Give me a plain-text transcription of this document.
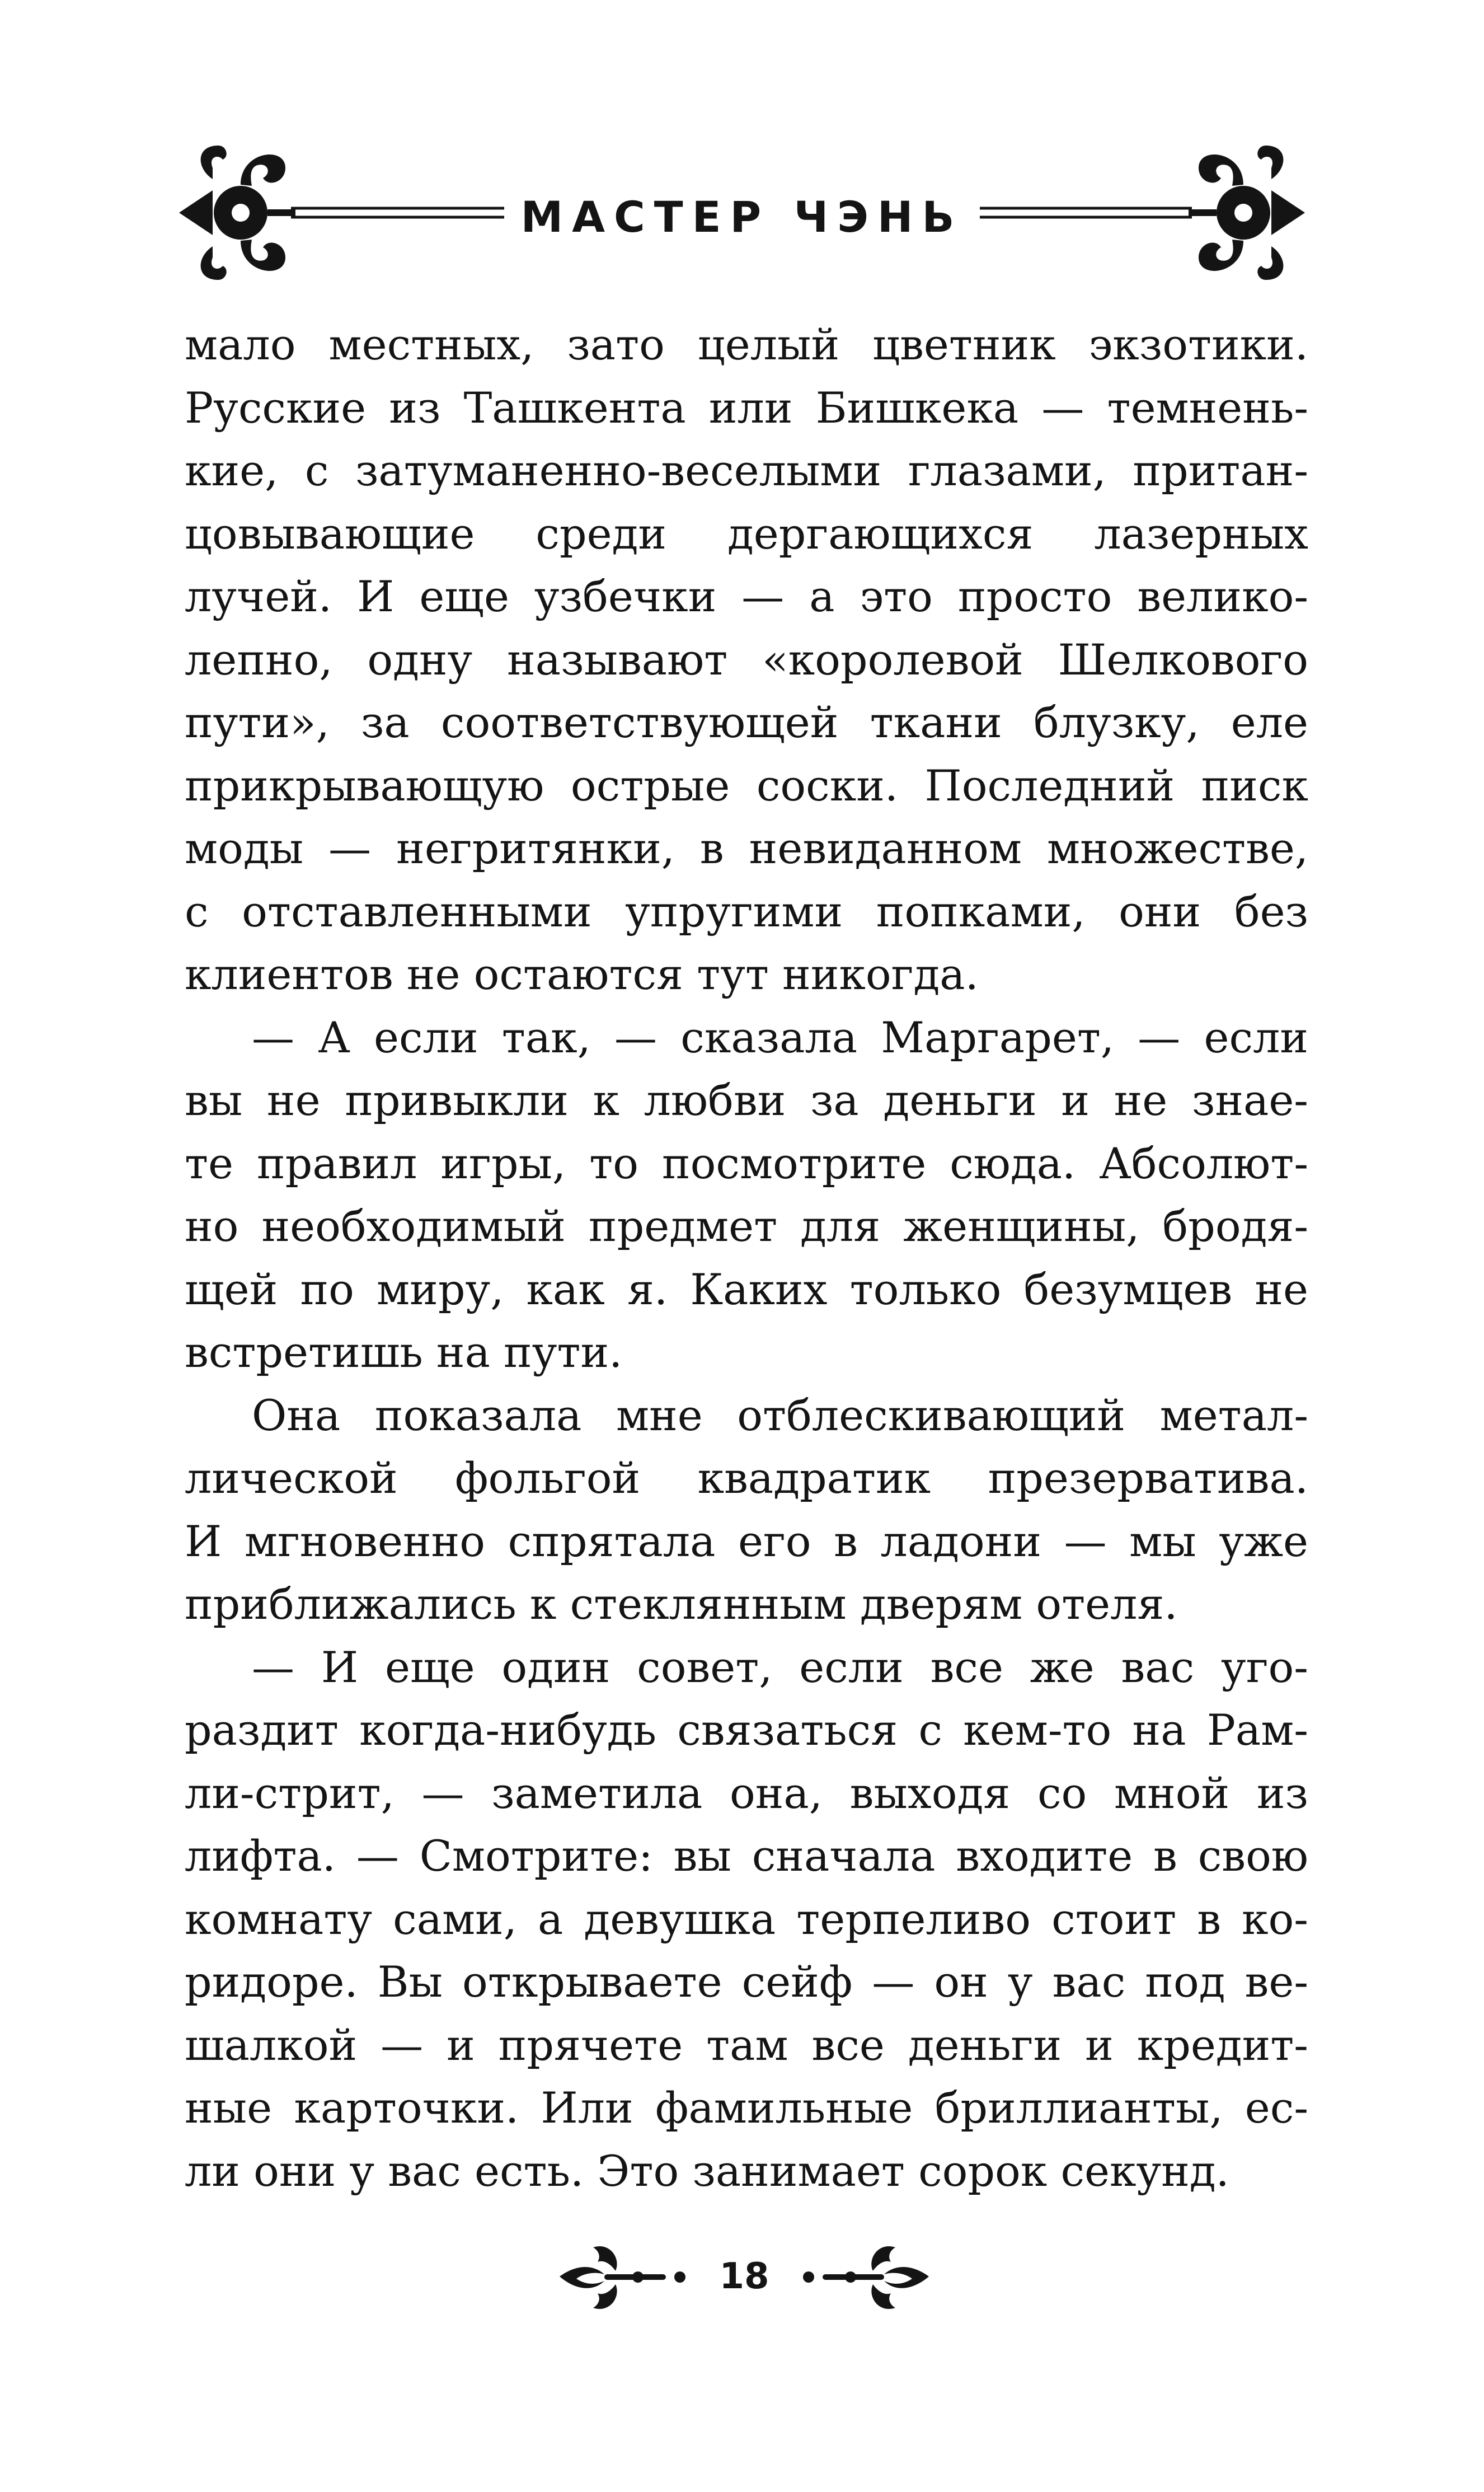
МАСТЕР ЧЭНЬ

мало местных, зато целый цветник экзотики.
Русские из Ташкента или Бишкека — темнень-
кие, с затуманенно-веселыми глазами, притан-
цовывающие среди дергающихся лазерных
лучей. И еще узбечки — а это просто велико-
лепно, одну называют «королевой Шелкового
пути», за соответствующей ткани блузку, еле
прикрывающую острые соски. Последний писк
моды — негритянки, в невиданном множестве,
с отставленными упругими попками, они без
клиентов не остаются тут никогда.

— А если так, — сказала Маргарет, — если
вы не привыкли к любви за деньги и не знае-
те правил игры, то посмотрите сюда. Абсолют-
но необходимый предмет для женщины, бродя-
щей по миру, как я. Каких только безумцев не
встретишь на пути.

Она показала мне отблескивающий метал-
лической фольгой квадратик презерватива.
И мгновенно спрятала его в ладони — мы уже
приближались к стеклянным дверям отеля.

— И еще один совет, если все же вас уго-
раздит когда-нибудь связаться с кем-то на Рам-
ли-стрит, — заметила она, выходя со мной из
лифта. — Смотрите: вы сначала входите в свою
комнату сами, а девушка терпеливо стоит в ко-
ридоре. Вы открываете сейф — он у вас под ве-
шалкой — и прячете там все деньги и кредит-
ные карточки. Или фамильные бриллианты, ес-
ли они у вас есть. Это занимает сорок секунд.

18
